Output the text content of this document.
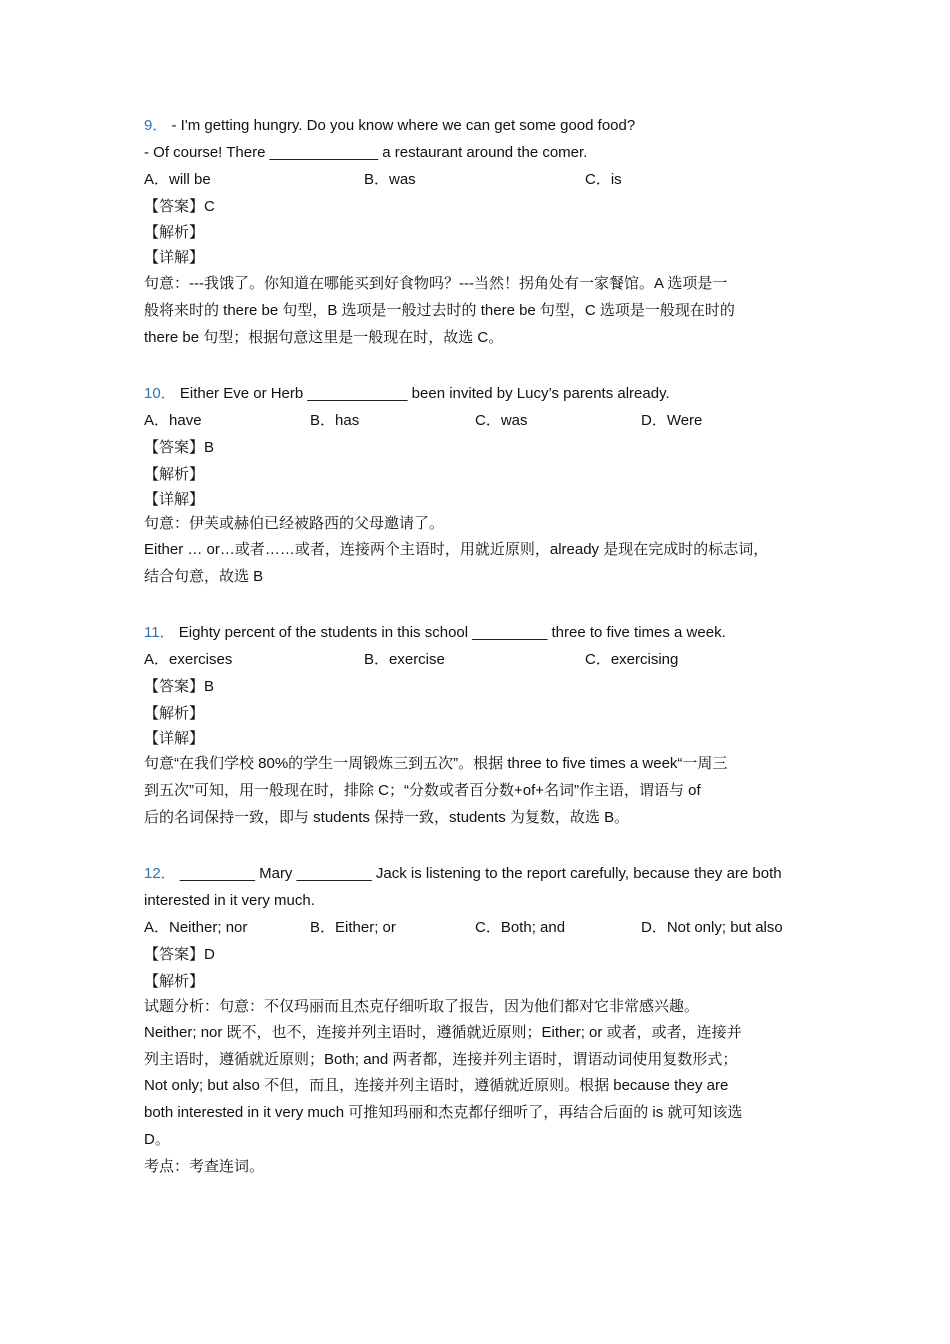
9． - I'm getting hungry. Do you know where we can get some good food?
- Of course! There _____________ a restaurant around the comer.
A．will be	B．was	C．is
【答案】C
【解析】
【详解】
句意：---我饿了。你知道在哪能买到好食物吗？---当然！拐角处有一家餐馆。A 选项是一
般将来时的 there be 句型，B 选项是一般过去时的 there be 句型，C 选项是一般现在时的
there be 句型；根据句意这里是一般现在时，故选 C。
10． Either Eve or Herb ____________ been invited by Lucy’s parents already.
A．have	B．has	C．was	D．Were
【答案】B
【解析】
【详解】
句意：伊芙或赫伯已经被路西的父母邀请了。
Either … or…或者……或者，连接两个主语时，用就近原则，already 是现在完成时的标志词，
结合句意，故选 B
11． Eighty percent of the students in this school _________ three to five times a week.
A．exercises	B．exercise	C．exercising
【答案】B
【解析】
【详解】
句意“在我们学校 80%的学生一周锻炼三到五次”。根据 three to five times a week“一周三
到五次”可知，用一般现在时，排除 C；“分数或者百分数+of+名词”作主语，谓语与 of
后的名词保持一致，即与 students 保持一致，students 为复数，故选 B。
12． _________ Mary _________ Jack is listening to the report carefully, because they are both
interested in it very much.
A．Neither; nor	B．Either; or	C．Both; and	D．Not only; but also
【答案】D
【解析】
试题分析：句意：不仅玛丽而且杰克仔细听取了报告，因为他们都对它非常感兴趣。
Neither; nor 既不，也不，连接并列主语时，遵循就近原则；Either; or 或者，或者，连接并
列主语时，遵循就近原则；Both; and 两者都，连接并列主语时，谓语动词使用复数形式；
Not only; but also 不但，而且，连接并列主语时，遵循就近原则。根据 because they are
both interested in it very much 可推知玛丽和杰克都仔细听了，再结合后面的 is 就可知该选
D。
考点：考查连词。
